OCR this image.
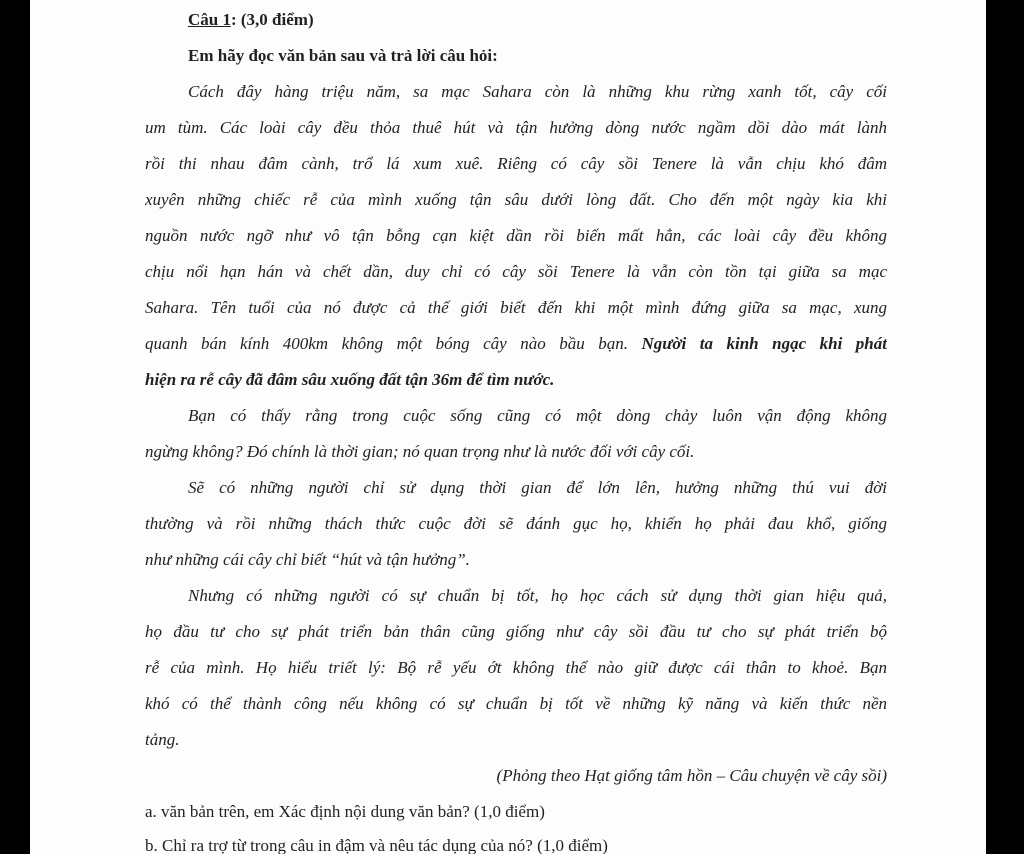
Câu 1: (3,0 điểm)
Em hãy đọc văn bản sau và trả lời câu hỏi:
Cách đây hàng triệu năm, sa mạc Sahara còn là những khu rừng xanh tốt, cây cối
um tùm. Các loài cây đều thỏa thuê hút và tận hưởng dòng nước ngầm dồi dào mát lành
rồi thi nhau đâm cành, trổ lá xum xuê. Riêng có cây sồi Tenere là vẫn chịu khó đâm
xuyên những chiếc rễ của mình xuống tận sâu dưới lòng đất. Cho đến một ngày kia khi
nguồn nước ngỡ như vô tận bỗng cạn kiệt dần rồi biến mất hẳn, các loài cây đều không
chịu nổi hạn hán và chết dần, duy chỉ có cây sồi Tenere là vẫn còn tồn tại giữa sa mạc
Sahara. Tên tuổi của nó được cả thế giới biết đến khi một mình đứng giữa sa mạc, xung
quanh bán kính 400km không một bóng cây nào bầu bạn. Người ta kinh ngạc khi phát
hiện ra rễ cây đã đâm sâu xuống đất tận 36m để tìm nước.
Bạn có thấy rằng trong cuộc sống cũng có một dòng chảy luôn vận động không
ngừng không? Đó chính là thời gian; nó quan trọng như là nước đối với cây cối.
Sẽ có những người chỉ sử dụng thời gian để lớn lên, hưởng những thú vui đời
thường và rồi những thách thức cuộc đời sẽ đánh gục họ, khiến họ phải đau khổ, giống
như những cái cây chỉ biết “hút và tận hưởng”.
Nhưng có những người có sự chuẩn bị tốt, họ học cách sử dụng thời gian hiệu quả,
họ đầu tư cho sự phát triển bản thân cũng giống như cây sồi đầu tư cho sự phát triển bộ
rễ của mình. Họ hiểu triết lý: Bộ rễ yếu ớt không thể nào giữ được cái thân to khoẻ. Bạn
khó có thể thành công nếu không có sự chuẩn bị tốt về những kỹ năng và kiến thức nền
tảng.
(Phỏng theo Hạt giống tâm hồn – Câu chuyện về cây sồi)
a. văn bản trên, em Xác định nội dung văn bản? (1,0 điểm)
b. Chỉ ra trợ từ trong câu in đậm và nêu tác dụng của nó? (1,0 điểm)
